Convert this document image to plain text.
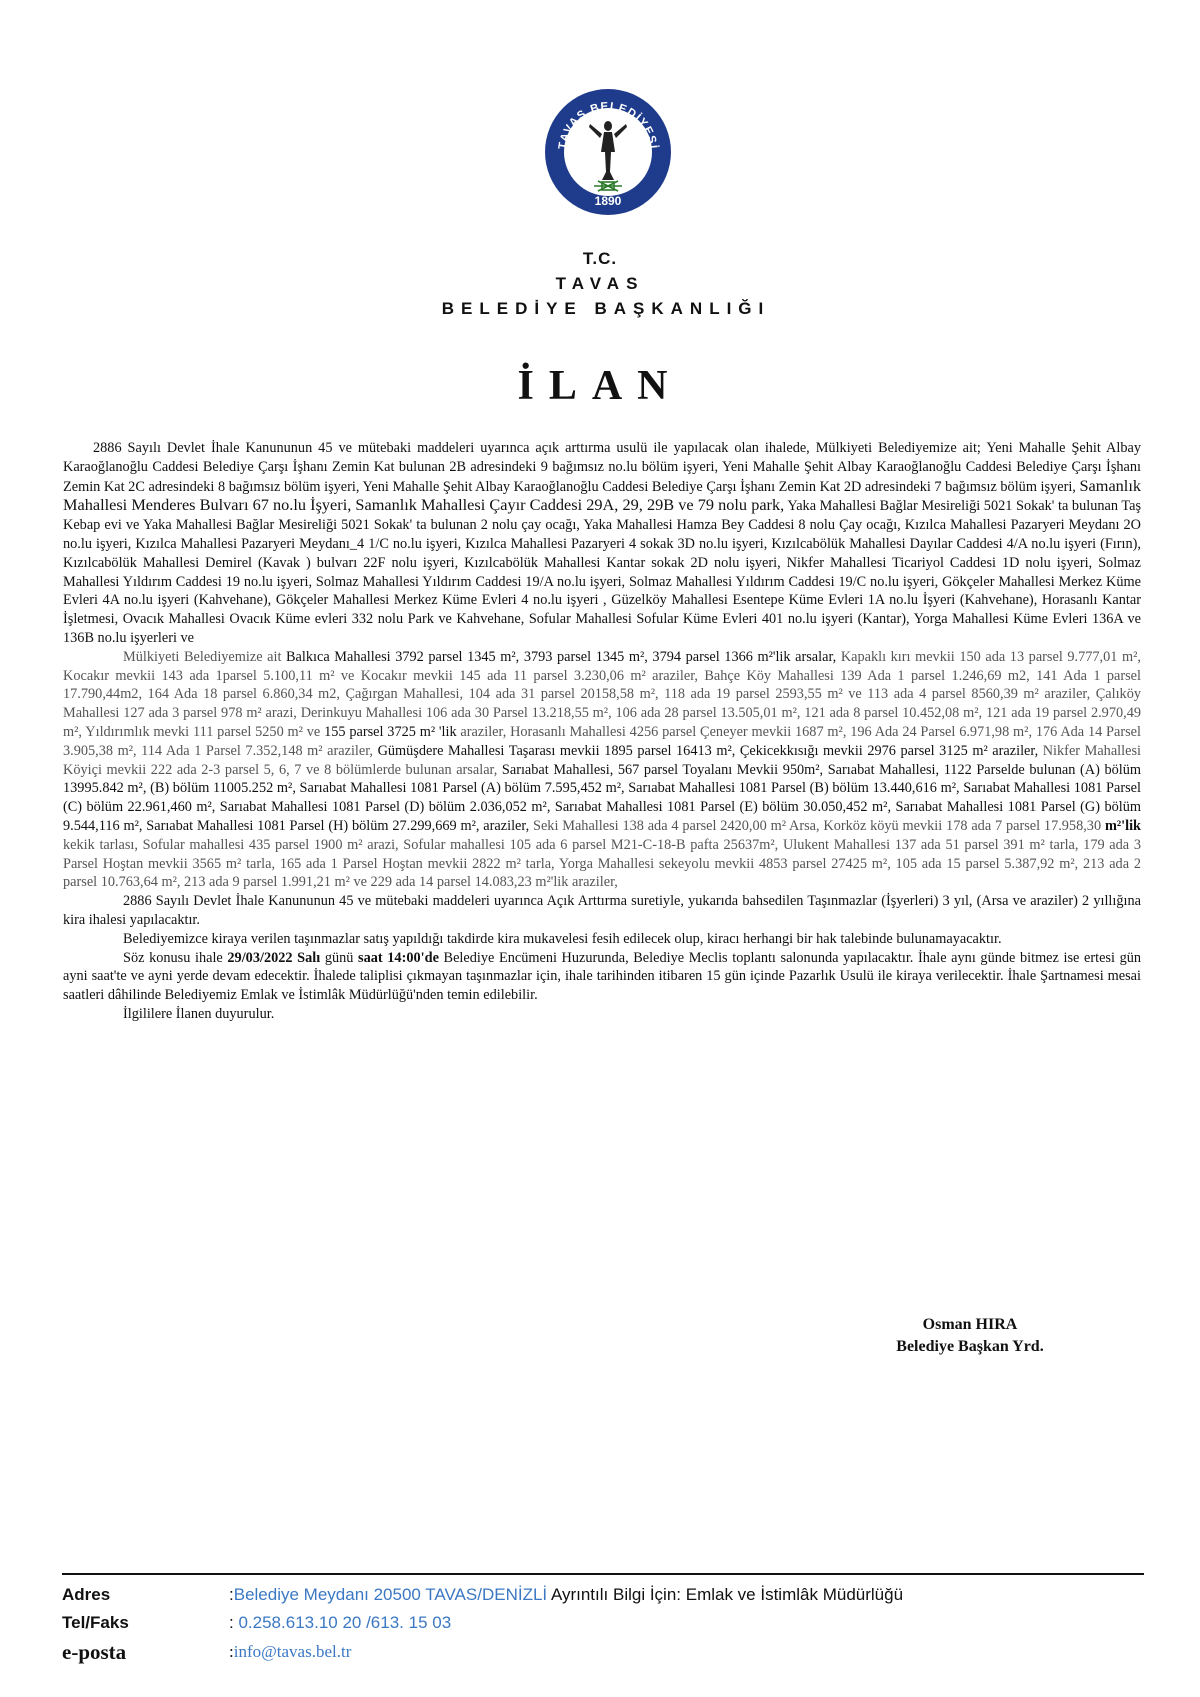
TAVAS BELEDİYESİ
1890
T.C.
TAVAS
BELEDİYE BAŞKANLIĞI
İLAN

2886 Sayılı Devlet İhale Kanununun 45 ve mütebaki maddeleri uyarınca açık arttırma usulü ile yapılacak olan ihalede, Mülkiyeti Belediyemize ait; Yeni Mahalle Şehit Albay Karaoğlanoğlu Caddesi Belediye Çarşı İşhanı Zemin Kat bulunan 2B adresindeki 9 bağımsız no.lu bölüm işyeri, Yeni Mahalle Şehit Albay Karaoğlanoğlu Caddesi Belediye Çarşı İşhanı Zemin Kat 2C adresindeki 8 bağımsız bölüm işyeri, Yeni Mahalle Şehit Albay Karaoğlanoğlu Caddesi Belediye Çarşı İşhanı Zemin Kat 2D adresindeki 7 bağımsız bölüm işyeri, Samanlık Mahallesi Menderes Bulvarı 67 no.lu İşyeri, Samanlık Mahallesi Çayır Caddesi 29A, 29, 29B ve 79 nolu park, Yaka Mahallesi Bağlar Mesireliği 5021 Sokak' ta bulunan Taş Kebap evi ve Yaka Mahallesi Bağlar Mesireliği 5021 Sokak' ta bulunan 2 nolu çay ocağı, Yaka Mahallesi Hamza Bey Caddesi 8 nolu Çay ocağı, Kızılca Mahallesi Pazaryeri Meydanı 2O no.lu işyeri, Kızılca Mahallesi Pazaryeri Meydanı_4 1/C no.lu işyeri, Kızılca Mahallesi Pazaryeri 4 sokak 3D no.lu işyeri, Kızılcabölük Mahallesi Dayılar Caddesi 4/A no.lu işyeri (Fırın), Kızılcabölük Mahallesi Demirel (Kavak ) bulvarı 22F nolu işyeri, Kızılcabölük Mahallesi Kantar sokak 2D nolu işyeri, Nikfer Mahallesi Ticariyol Caddesi 1D nolu işyeri, Solmaz Mahallesi Yıldırım Caddesi 19 no.lu işyeri, Solmaz Mahallesi Yıldırım Caddesi 19/A no.lu işyeri, Solmaz Mahallesi Yıldırım Caddesi 19/C no.lu işyeri, Gökçeler Mahallesi Merkez Küme Evleri 4A no.lu işyeri (Kahvehane), Gökçeler Mahallesi Merkez Küme Evleri 4 no.lu işyeri , Güzelköy Mahallesi Esentepe Küme Evleri 1A no.lu İşyeri (Kahvehane), Horasanlı Kantar İşletmesi, Ovacık Mahallesi Ovacık Küme evleri 332 nolu Park ve Kahvehane, Sofular Mahallesi Sofular Küme Evleri 401 no.lu işyeri (Kantar), Yorga Mahallesi Küme Evleri 136A ve 136B no.lu işyerleri ve

Mülkiyeti Belediyemize ait Balkıca Mahallesi 3792 parsel 1345 m², 3793 parsel 1345 m², 3794 parsel 1366 m²'lik arsalar, Kapaklı kırı mevkii 150 ada 13 parsel 9.777,01 m², Kocakır mevkii 143 ada 1parsel 5.100,11 m² ve Kocakır mevkii 145 ada 11 parsel 3.230,06 m² araziler, Bahçe Köy Mahallesi 139 Ada 1 parsel 1.246,69 m2, 141 Ada 1 parsel 17.790,44m2, 164 Ada 18 parsel 6.860,34 m2, Çağırgan Mahallesi, 104 ada 31 parsel 20158,58 m², 118 ada 19 parsel 2593,55 m² ve 113 ada 4 parsel 8560,39 m² araziler, Çalıköy Mahallesi 127 ada 3 parsel 978 m² arazi, Derinkuyu Mahallesi 106 ada 30 Parsel 13.218,55 m², 106 ada 28 parsel 13.505,01 m², 121 ada 8 parsel 10.452,08 m², 121 ada 19 parsel 2.970,49 m², Yıldırımlık mevki 111 parsel 5250 m² ve 155 parsel 3725 m² 'lik araziler, Horasanlı Mahallesi 4256 parsel Çeneyer mevkii 1687 m², 196 Ada 24 Parsel 6.971,98 m², 176 Ada 14 Parsel 3.905,38 m², 114 Ada 1 Parsel 7.352,148 m² araziler, Gümüşdere Mahallesi Taşarası mevkii 1895 parsel 16413 m², Çekicekkısığı mevkii 2976 parsel 3125 m² araziler, Nikfer Mahallesi Köyiçi mevkii 222 ada 2-3 parsel 5, 6, 7 ve 8 bölümlerde bulunan arsalar, Sarıabat Mahallesi, 567 parsel Toyalanı Mevkii 950m², Sarıabat Mahallesi, 1122 Parselde bulunan (A) bölüm 13995.842 m², (B) bölüm 11005.252 m², Sarıabat Mahallesi 1081 Parsel (A) bölüm 7.595,452 m², Sarıabat Mahallesi 1081 Parsel (B) bölüm 13.440,616 m², Sarıabat Mahallesi 1081 Parsel (C) bölüm 22.961,460 m², Sarıabat Mahallesi 1081 Parsel (D) bölüm 2.036,052 m², Sarıabat Mahallesi 1081 Parsel (E) bölüm 30.050,452 m², Sarıabat Mahallesi 1081 Parsel (G) bölüm 9.544,116 m², Sarıabat Mahallesi 1081 Parsel (H) bölüm 27.299,669 m², araziler, Seki Mahallesi 138 ada 4 parsel 2420,00 m² Arsa, Korköz köyü mevkii 178 ada 7 parsel 17.958,30 m²'lik kekik tarlası, Sofular mahallesi 435 parsel 1900 m² arazi, Sofular mahallesi 105 ada 6 parsel M21-C-18-B pafta 25637m², Ulukent Mahallesi 137 ada 51 parsel 391 m² tarla, 179 ada 3 Parsel Hoştan mevkii 3565 m² tarla, 165 ada 1 Parsel Hoştan mevkii 2822 m² tarla, Yorga Mahallesi sekeyolu mevkii 4853 parsel 27425 m², 105 ada 15 parsel 5.387,92 m², 213 ada 2 parsel 10.763,64 m², 213 ada 9 parsel 1.991,21 m² ve 229 ada 14 parsel 14.083,23 m²'lik araziler,

2886 Sayılı Devlet İhale Kanununun 45 ve mütebaki maddeleri uyarınca Açık Arttırma suretiyle, yukarıda bahsedilen Taşınmazlar (İşyerleri) 3 yıl, (Arsa ve araziler) 2 yıllığına kira ihalesi yapılacaktır.

Belediyemizce kiraya verilen taşınmazlar satış yapıldığı takdirde kira mukavelesi fesih edilecek olup, kiracı herhangi bir hak talebinde bulunamayacaktır.

Söz konusu ihale 29/03/2022 Salı günü saat 14:00'de Belediye Encümeni Huzurunda, Belediye Meclis toplantı salonunda yapılacaktır. İhale aynı günde bitmez ise ertesi gün ayni saat'te ve ayni yerde devam edecektir. İhalede taliplisi çıkmayan taşınmazlar için, ihale tarihinden itibaren 15 gün içinde Pazarlık Usulü ile kiraya verilecektir. İhale Şartnamesi mesai saatleri dâhilinde Belediyemiz Emlak ve İstimlâk Müdürlüğü'nden temin edilebilir.

İlgililere İlanen duyurulur.

Osman HIRA
Belediye Başkan Yrd.
Adres	:Belediye Meydanı 20500 TAVAS/DENİZLİ Ayrıntılı Bilgi İçin: Emlak ve İstimlâk Müdürlüğü
Tel/Faks	: 0.258.613.10 20 /613. 15 03
e-posta	:info@tavas.bel.tr
